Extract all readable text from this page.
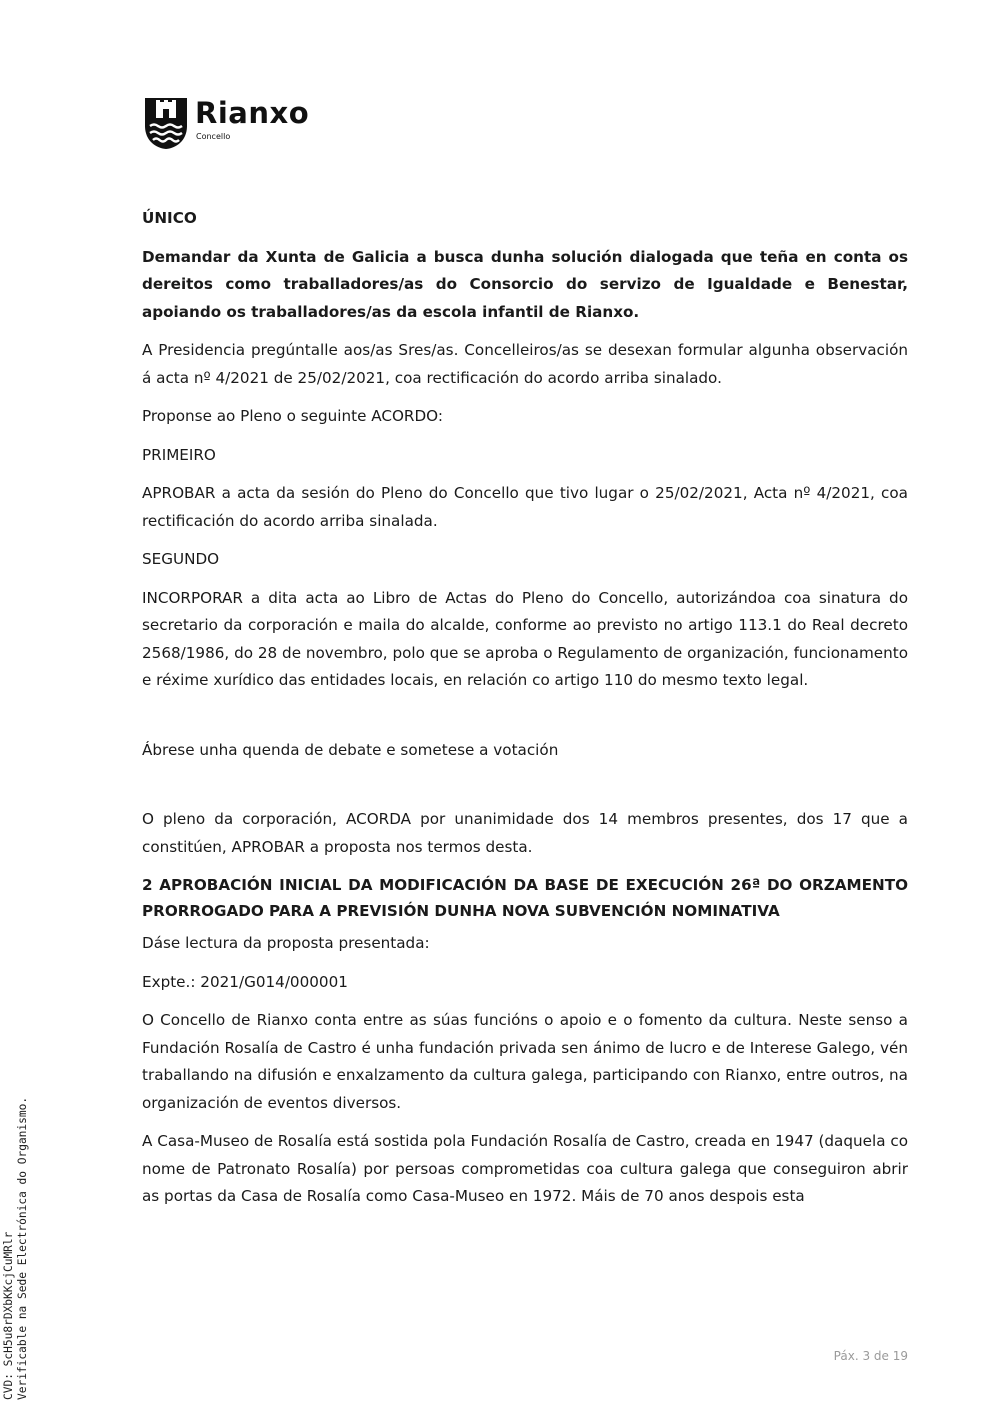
Rianxo
Concello

ÚNICO

Demandar da Xunta de Galicia a busca dunha solución dialogada que teña en conta os dereitos como traballadores/as do Consorcio do servizo de Igualdade e Benestar, apoiando os traballadores/as da escola infantil de Rianxo.

A Presidencia pregúntalle aos/as Sres/as. Concelleiros/as se desexan formular algunha observación á acta nº 4/2021 de 25/02/2021, coa rectificación do acordo arriba sinalado.

Proponse ao Pleno o seguinte ACORDO:

PRIMEIRO

APROBAR a acta da sesión do Pleno do Concello que tivo lugar o 25/02/2021, Acta nº 4/2021, coa rectificación do acordo arriba sinalada.

SEGUNDO

INCORPORAR a dita acta ao Libro de Actas do Pleno do Concello, autorizándoa coa sinatura do secretario da corporación e maila do alcalde, conforme ao previsto no artigo 113.1 do Real decreto 2568/1986, do 28 de novembro, polo que se aproba o Regulamento de organización, funcionamento e réxime xurídico das entidades locais, en relación co artigo 110 do mesmo texto legal.

Ábrese unha quenda de debate e sometese a votación

O pleno da corporación, ACORDA por unanimidade dos 14 membros presentes, dos 17 que a constitúen, APROBAR a proposta nos termos desta.

2 APROBACIÓN INICIAL DA MODIFICACIÓN DA BASE DE EXECUCIÓN 26ª DO ORZAMENTO PRORROGADO PARA A PREVISIÓN DUNHA NOVA SUBVENCIÓN NOMINATIVA

Dáse lectura da proposta presentada:

Expte.: 2021/G014/000001

O Concello de Rianxo conta entre as súas funcións o apoio e o fomento da cultura. Neste senso a Fundación Rosalía de Castro é unha fundación privada sen ánimo de lucro e de Interese Galego, vén traballando na difusión e enxalzamento da cultura galega, participando con Rianxo, entre outros, na organización de eventos diversos.

A Casa-Museo de Rosalía está sostida pola Fundación Rosalía de Castro, creada en 1947 (daquela co nome de Patronato Rosalía) por persoas comprometidas coa cultura galega que conseguiron abrir as portas da Casa de Rosalía como Casa-Museo en 1972. Máis de 70 anos despois esta

Páx. 3 de 19
CVD: ScH5u8rDXbKKcjCuMRlr Verificable na Sede Electrónica do Organismo.
